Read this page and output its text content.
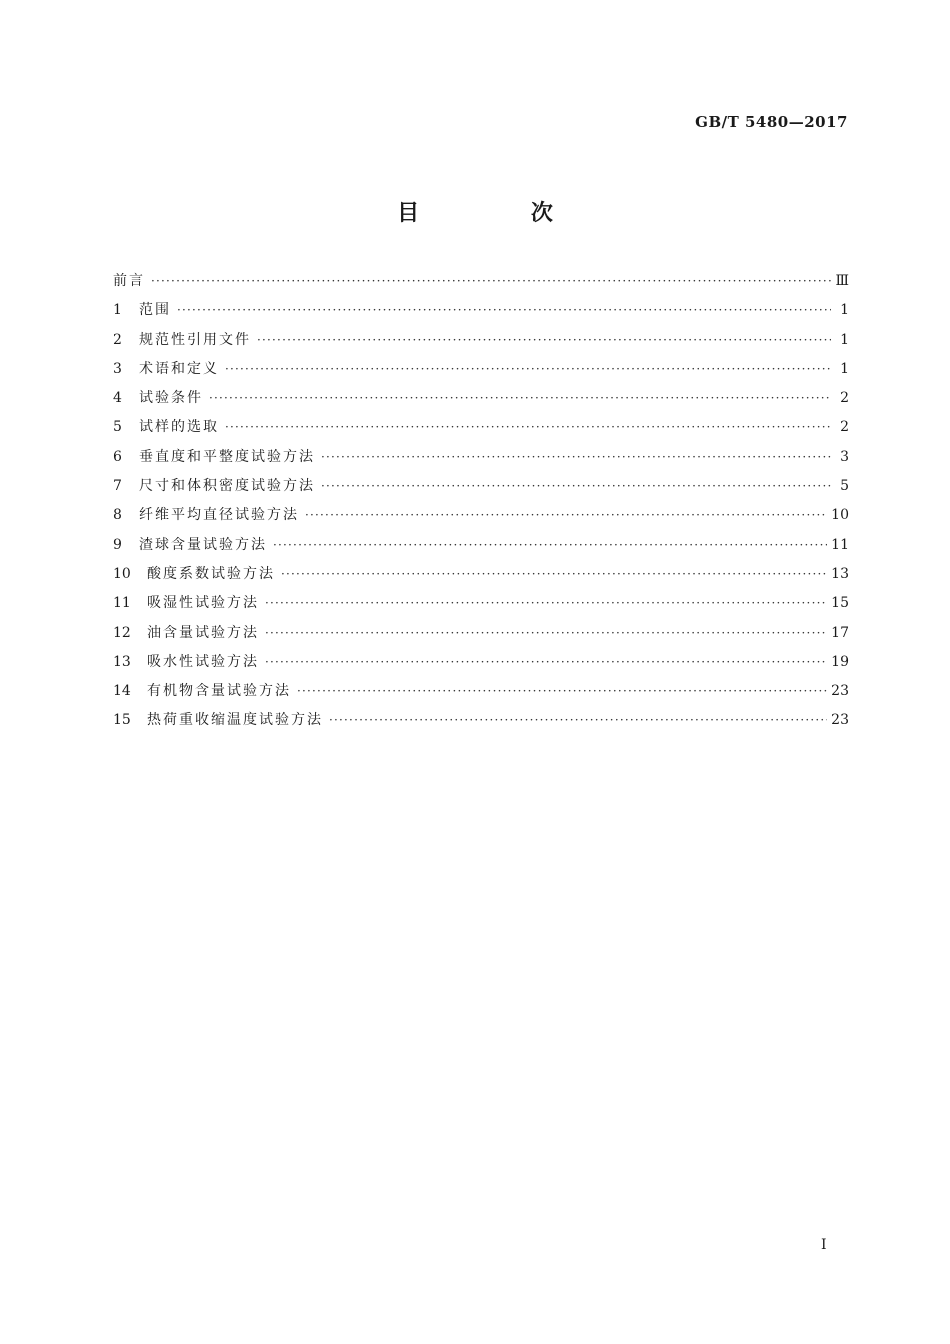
GB/T 5480—2017
目 次
前言 ·····	Ⅲ
1	范围 ·····	1
2	规范性引用文件 ·····	1
3	术语和定义 ·····	1
4	试验条件 ·····	2
5	试样的选取 ·····	2
6	垂直度和平整度试验方法 ·····	3
7	尺寸和体积密度试验方法 ·····	5
8	纤维平均直径试验方法 ·····	10
9	渣球含量试验方法 ·····	11
10	酸度系数试验方法 ·····	13
11	吸湿性试验方法 ·····	15
12	油含量试验方法 ·····	17
13	吸水性试验方法 ·····	19
14	有机物含量试验方法 ·····	23
15	热荷重收缩温度试验方法 ·····	23
I
